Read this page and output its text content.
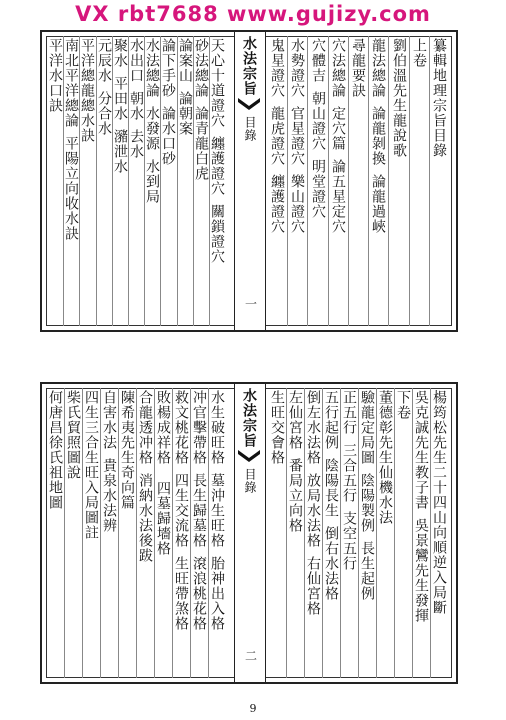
VX rbt7688 www.gujizy.com
水法宗旨
目錄
一
纂輯地理宗旨目錄
上卷
劉伯溫先生龍說歌
龍法總論
論龍剝換
論龍過峽
尋龍要訣
穴法總論
定穴篇
論五星定穴
穴體吉
朝山證穴
明堂證穴
水勢證穴
官星證穴
樂山證穴
鬼星證穴
龍虎證穴
纏護證穴
天心十道證穴
纏護證穴
關鎖證穴
砂法總論
論青龍白虎
論案山
論朝案
論下手砂
論水口砂
水法總論
水發源
水到局
水出口
朝水
去水
聚水
平田水
瀦泄水
元辰水
分合水
平洋總龍總水訣
南北平洋總論
平陽立向收水訣
平洋水口訣
水法宗旨
目錄
二
楊筠松先生二十四山向順逆入局斷
吳克誠先生教子書
吳景鸞先生發揮
下卷
董德彰先生仙機水法
驗龍定局圖
陰陽製例
長生起例
正五行
三合五行
支空五行
五行起例
陰陽長生
倒右水法格
倒左水法格
放局水法格
右仙宮格
左仙宮格
番局立向格
生旺交會格
水生破旺格
墓沖生旺格
胎神出入格
冲官擊帶格
長生歸墓格
滾浪桃花格
救文桃花格
四生交流格
生旺帶煞格
敗楊成祥格
四墓歸墻格
合龍透冲格
消納水法後跋
陳希夷先生奇向篇
自害水法
貴泉水法辨
四生三合生旺入局圖註
柴氏貿照圖說
何唐昌徐氏祖地圖
9
